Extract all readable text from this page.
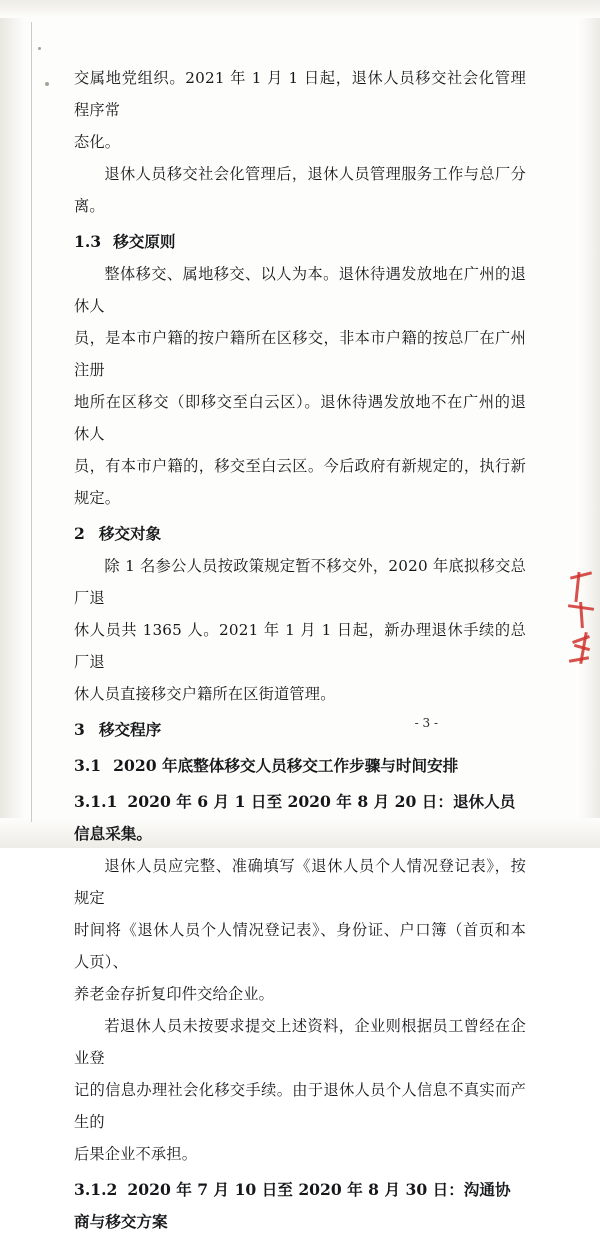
交属地党组织。2021 年 1 月 1 日起，退休人员移交社会化管理程序常

态化。

退休人员移交社会化管理后，退休人员管理服务工作与总厂分离。

1.3 移交原则

整体移交、属地移交、以人为本。退休待遇发放地在广州的退休人

员，是本市户籍的按户籍所在区移交，非本市户籍的按总厂在广州注册

地所在区移交（即移交至白云区）。退休待遇发放地不在广州的退休人

员，有本市户籍的，移交至白云区。今后政府有新规定的，执行新规定。

2 移交对象

除 1 名参公人员按政策规定暂不移交外，2020 年底拟移交总厂退

休人员共 1365 人。2021 年 1 月 1 日起，新办理退休手续的总厂退

休人员直接移交户籍所在区街道管理。

3 移交程序

3.1 2020 年底整体移交人员移交工作步骤与时间安排

3.1.1 2020 年 6 月 1 日至 2020 年 8 月 20 日：退休人员信息采集。

退休人员应完整、准确填写《退休人员个人情况登记表》，按规定

时间将《退休人员个人情况登记表》、身份证、户口簿（首页和本人页）、

养老金存折复印件交给企业。

若退休人员未按要求提交上述资料，企业则根据员工曾经在企业登

记的信息办理社会化移交手续。由于退休人员个人信息不真实而产生的

后果企业不承担。

3.1.2 2020 年 7 月 10 日至 2020 年 8 月 30 日：沟通协商与移交方案

- 3 -
